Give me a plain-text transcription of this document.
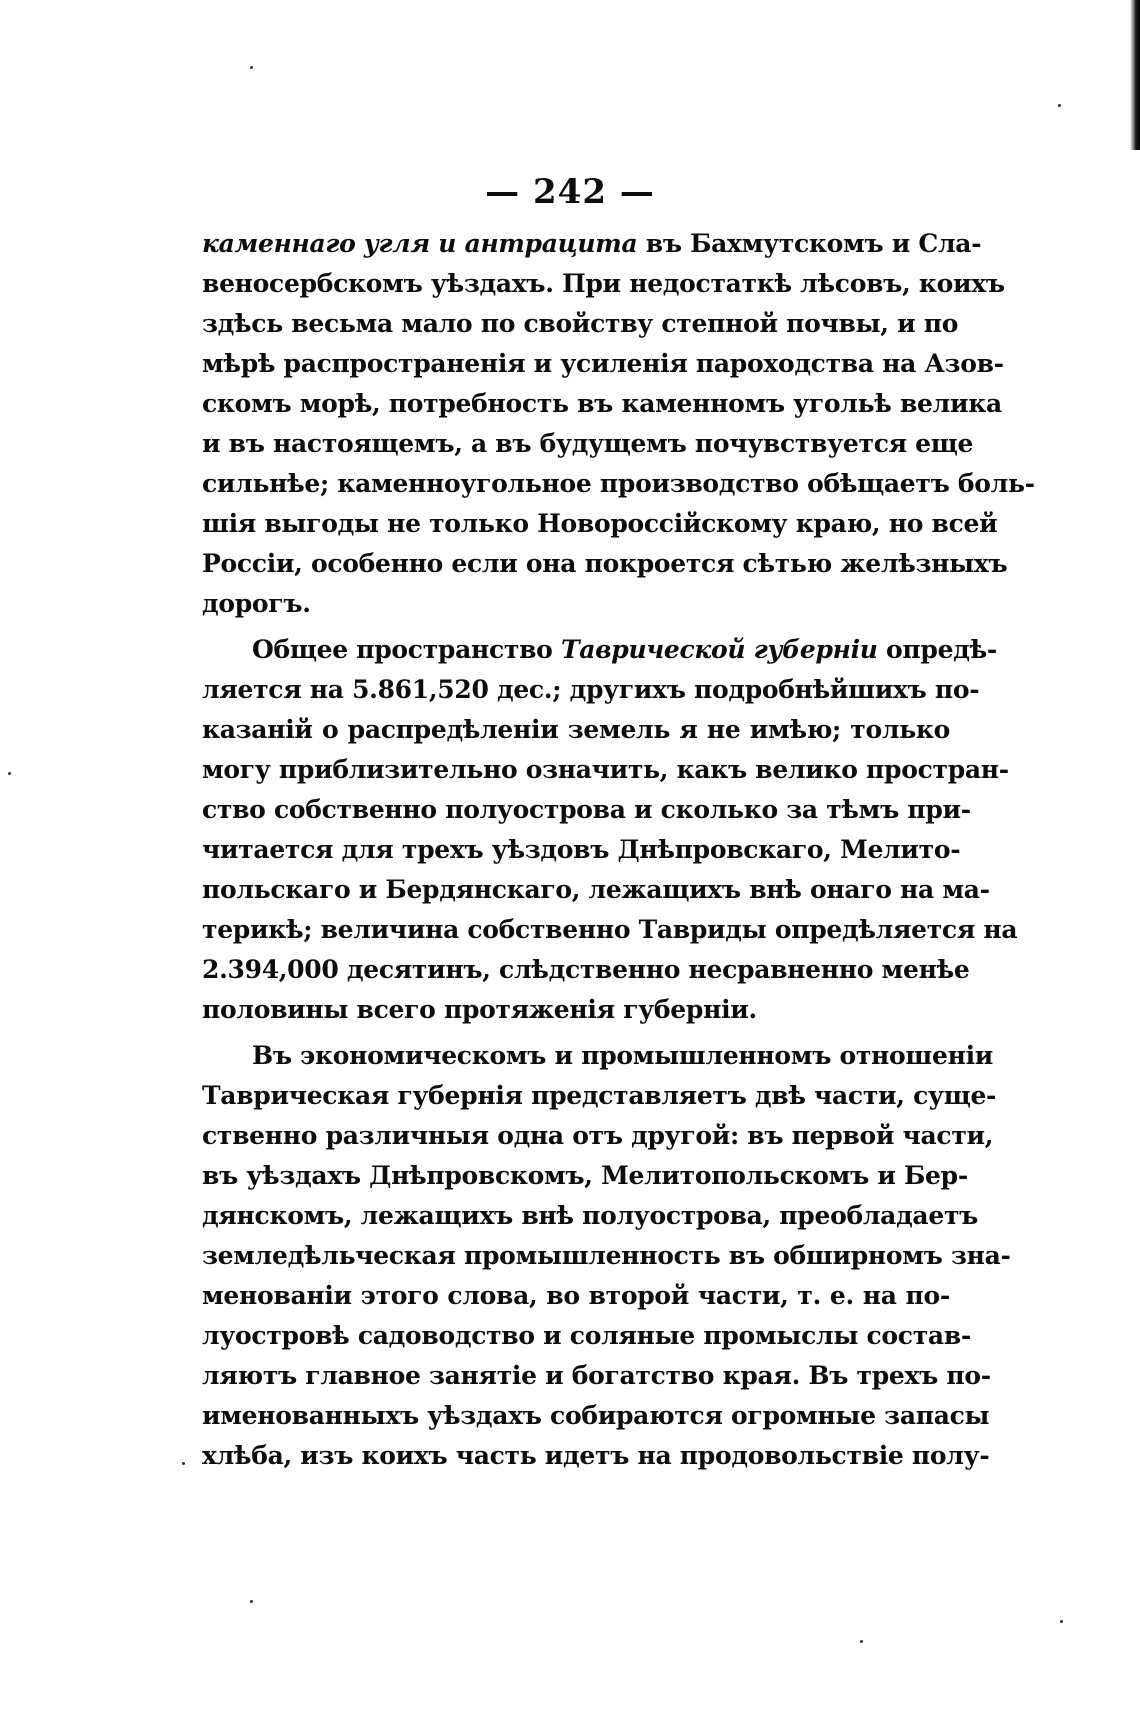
— 242 —
каменнаго угля и антрацита въ Бахмутскомъ и Сла-
веносербскомъ уѣздахъ. При недостаткѣ лѣсовъ, коихъ
здѣсь весьма мало по свойству степной почвы, и по
мѣрѣ распространенія и усиленія пароходства на Азов-
скомъ морѣ, потребность въ каменномъ угольѣ велика
и въ настоящемъ, а въ будущемъ почувствуется еще
сильнѣе; каменноугольное производство обѣщаетъ боль-
шія выгоды не только Новороссійскому краю, но всей
Россіи, особенно если она покроется сѣтью желѣзныхъ
дорогъ.
Общее пространство Таврической губерніи опредѣ-
ляется на 5.861,520 дес.; другихъ подробнѣйшихъ по-
казаній о распредѣленіи земель я не имѣю; только
могу приблизительно означить, какъ велико простран-
ство собственно полуострова и сколько за тѣмъ при-
читается для трехъ уѣздовъ Днѣпровскаго, Мелито-
польскаго и Бердянскаго, лежащихъ внѣ онаго на ма-
терикѣ; величина собственно Тавриды опредѣляется на
2.394,000 десятинъ, слѣдственно несравненно менѣе
половины всего протяженія губерніи.
Въ экономическомъ и промышленномъ отношеніи
Таврическая губернія представляетъ двѣ части, суще-
ственно различныя одна отъ другой: въ первой части,
въ уѣздахъ Днѣпровскомъ, Мелитопольскомъ и Бер-
дянскомъ, лежащихъ внѣ полуострова, преобладаетъ
земледѣльческая промышленность въ обширномъ зна-
менованіи этого слова, во второй части, т. е. на по-
луостровѣ садоводство и соляные промыслы состав-
ляютъ главное занятіе и богатство края. Въ трехъ по-
именованныхъ уѣздахъ собираются огромные запасы
хлѣба, изъ коихъ часть идетъ на продовольствіе полу-
